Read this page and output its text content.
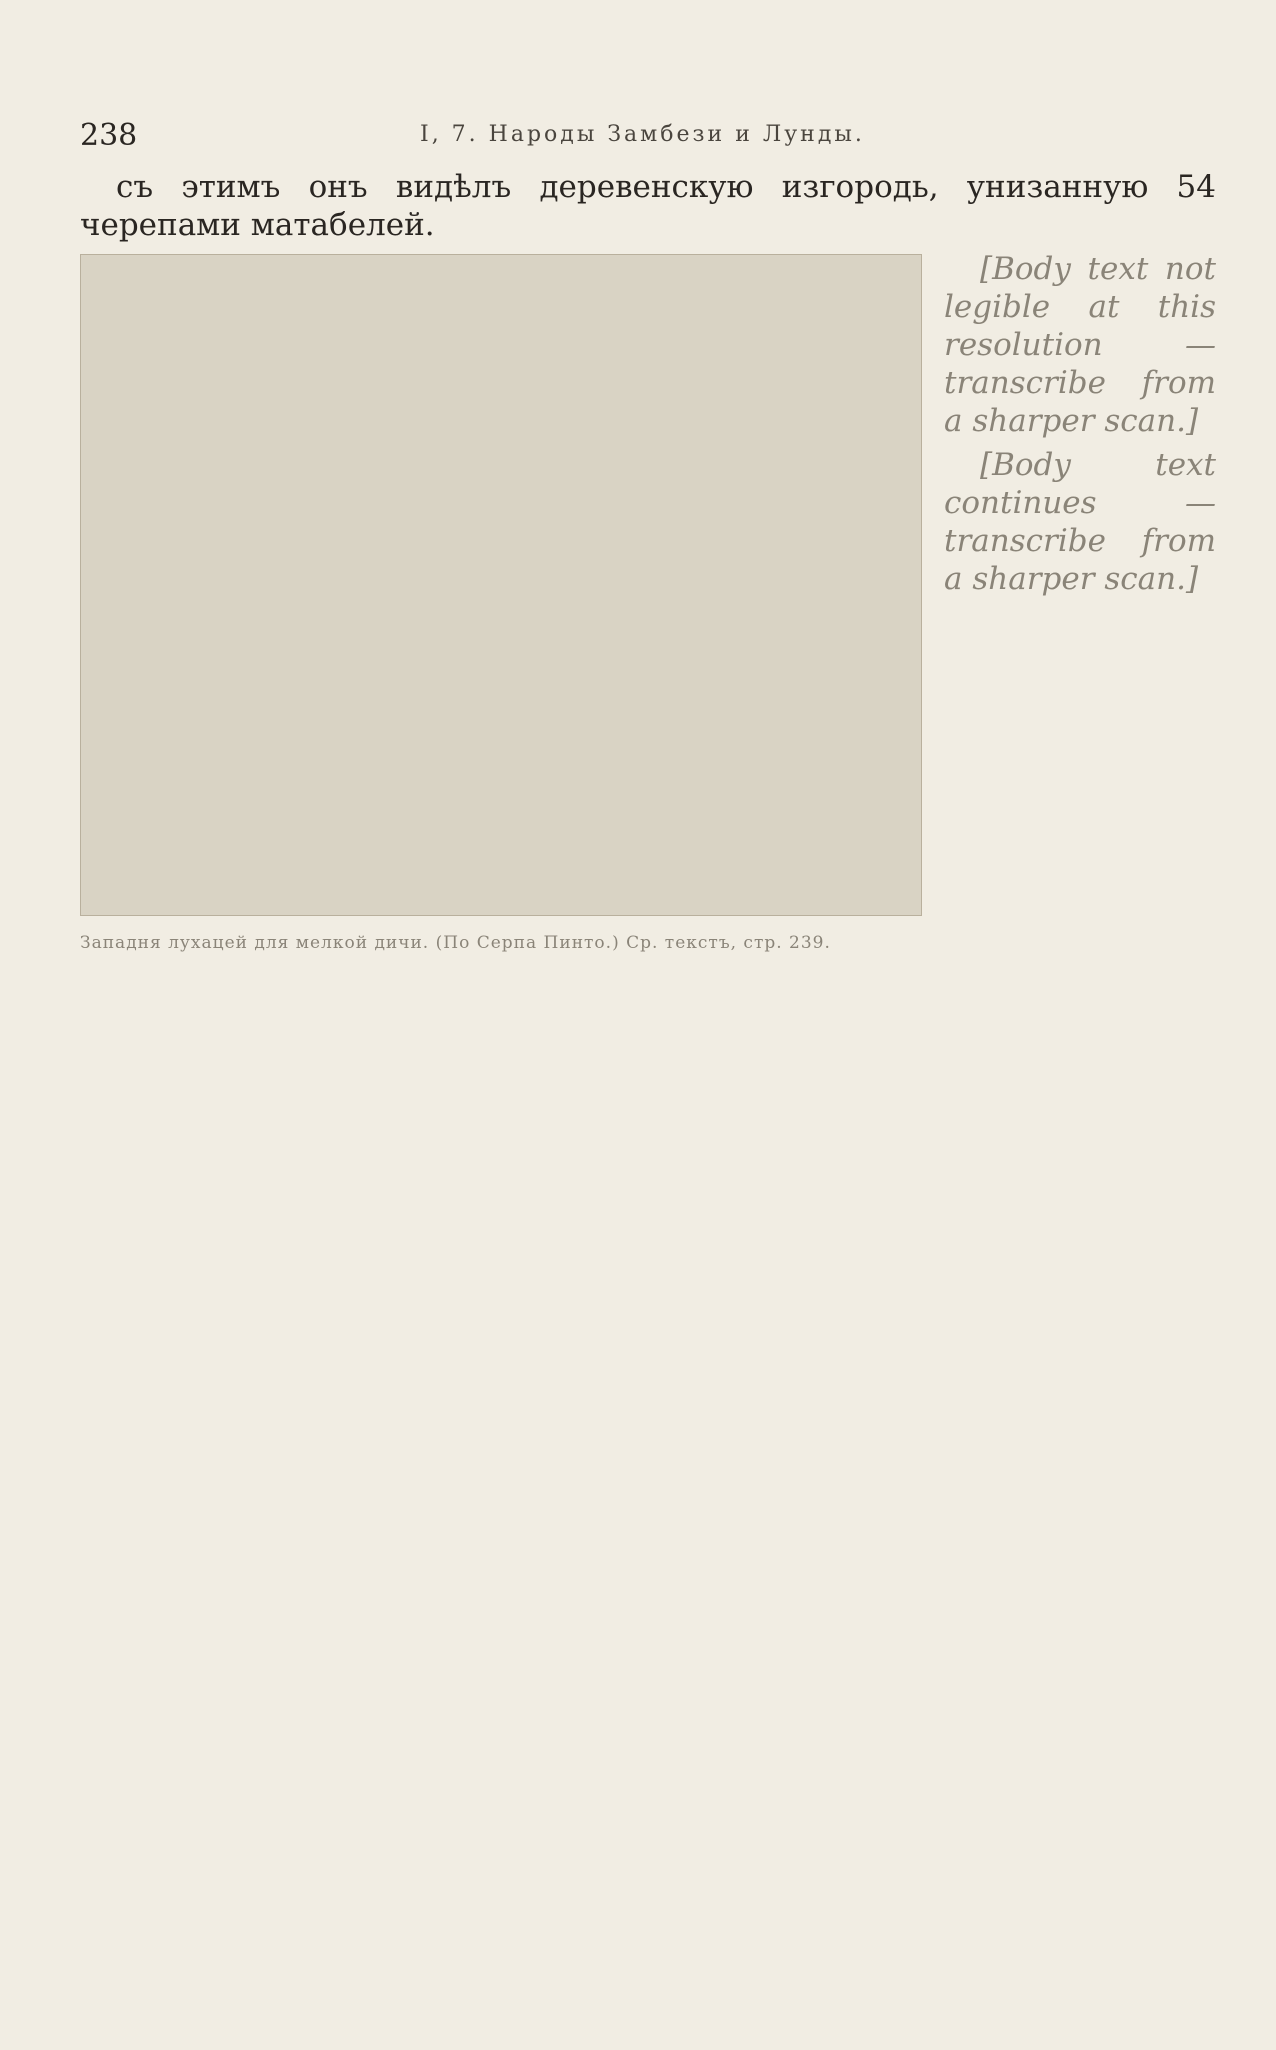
238	I, 7. Народы Замбези и Лунды.

съ этимъ онъ видѣлъ деревенскую изгородь, унизанную 54 черепами матабелей.

Западня лухацей для мелкой дичи. (По Серпа Пинто.) Ср. текстъ, стр. 239.

[Body text not legible at this resolution — transcribe from a sharper scan.]

[Body text continues — transcribe from a sharper scan.]
